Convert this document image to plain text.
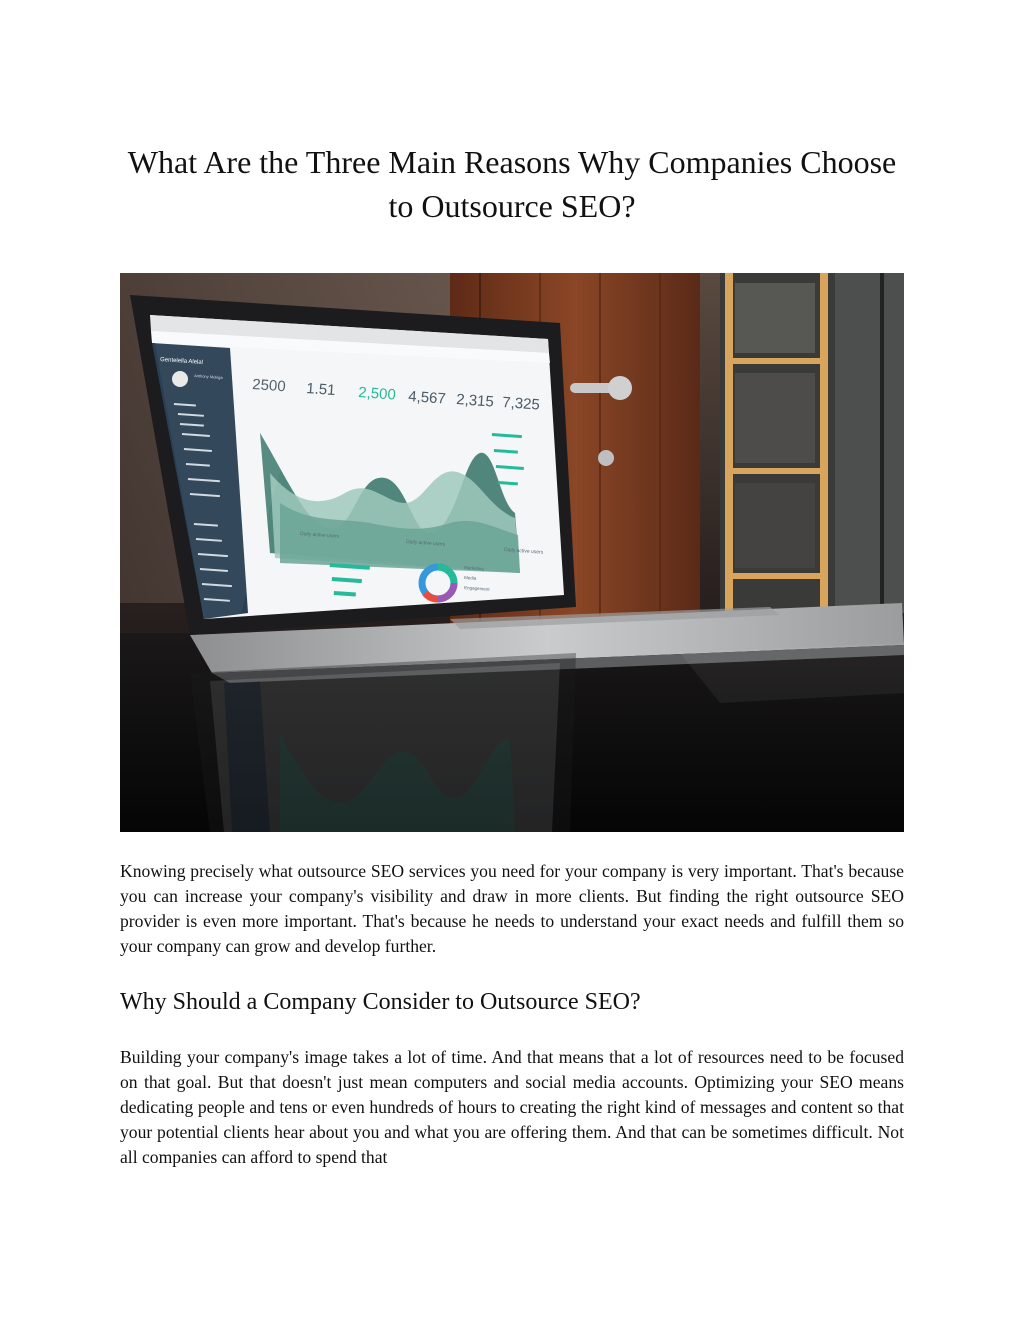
What Are the Three Main Reasons Why Companies Choose to Outsource SEO?
Gentelella Alela!
Anthony Mukiga 2500 1.51 2,500 4,567 2,315 7,325
Daily active users
Daily active users
Daily active users
Marketing
Media
Engagement

Knowing precisely what outsource SEO services you need for your company is very important. That's because you can increase your company's visibility and draw in more clients. But finding the right outsource SEO provider is even more important. That's because he needs to understand your exact needs and fulfill them so your company can grow and develop further.

Why Should a Company Consider to Outsource SEO?

Building your company's image takes a lot of time. And that means that a lot of resources need to be focused on that goal. But that doesn't just mean computers and social media accounts. Optimizing your SEO means dedicating people and tens or even hundreds of hours to creating the right kind of messages and content so that your potential clients hear about you and what you are offering them. And that can be sometimes difficult. Not all companies can afford to spend that
